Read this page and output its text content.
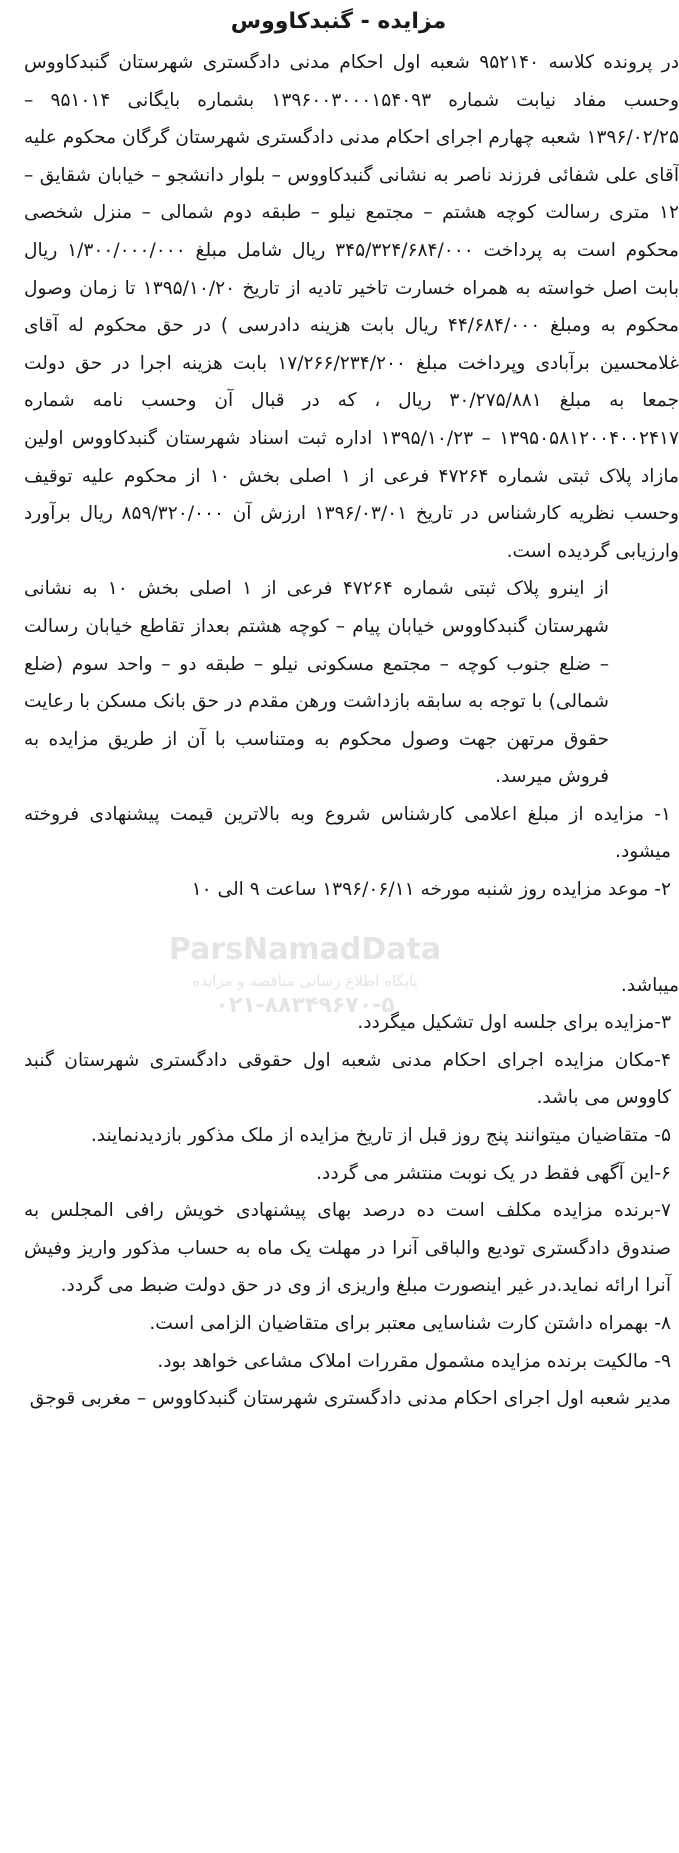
مزایده - گنبدکاووس

در پرونده کلاسه ۹۵۲۱۴۰ شعبه اول احکام مدنی دادگستری شهرستان گنبدکاووس وحسب مفاد نیابت شماره ۱۳۹۶۰۰۳۰۰۰۱۵۴۰۹۳ بشماره بایگانی ۹۵۱۰۱۴ – ۱۳۹۶/۰۲/۲۵ شعبه چهارم اجرای احکام مدنی دادگستری شهرستان گرگان محکوم علیه آقای علی شفائی فرزند ناصر به نشانی گنبدکاووس – بلوار دانشجو – خیابان شقایق – ۱۲ متری رسالت کوچه هشتم – مجتمع نیلو – طبقه دوم شمالی – منزل شخصی محکوم است به پرداخت ۳۴۵/۳۲۴/۶۸۴/۰۰۰ ریال شامل مبلغ ۱/۳۰۰/۰۰۰/۰۰۰ ریال بابت اصل خواسته به همراه خسارت تاخیر تادیه از تاریخ ۱۳۹۵/۱۰/۲۰ تا زمان وصول محکوم به ومبلغ ۴۴/۶۸۴/۰۰۰ ریال بابت هزینه دادرسی ) در حق محکوم له آقای غلامحسین برآبادی وپرداخت مبلغ ۱۷/۲۶۶/۲۳۴/۲۰۰ بابت هزینه اجرا در حق دولت جمعا به مبلغ ۳۰/۲۷۵/۸۸۱ ریال ، که در قبال آن وحسب نامه شماره ۱۳۹۵۰۵۸۱۲۰۰۴۰۰۲۴۱۷ – ۱۳۹۵/۱۰/۲۳ اداره ثبت اسناد شهرستان گنبدکاووس اولین مازاد پلاک ثبتی شماره ۴۷۲۶۴ فرعی از ۱ اصلی بخش ۱۰ از محکوم علیه توقیف وحسب نظریه کارشناس در تاریخ ۱۳۹۶/۰۳/۰۱ ارزش آن ۸۵۹/۳۲۰/۰۰۰ ریال برآورد وارزیابی گردیده است.

از اینرو پلاک ثبتی شماره ۴۷۲۶۴ فرعی از ۱ اصلی بخش ۱۰ به نشانی شهرستان گنبدکاووس خیابان پیام – کوچه هشتم بعداز تقاطع خیابان رسالت – ضلع جنوب کوچه – مجتمع مسکونی نیلو – طبقه دو – واحد سوم (ضلع شمالی) با توجه به سابقه بازداشت ورهن مقدم در حق بانک مسکن با رعایت حقوق مرتهن جهت وصول محکوم به ومتناسب با آن از طریق مزایده به فروش میرسد.

۱- مزایده از مبلغ اعلامی کارشناس شروع وبه بالاترین قیمت پیشنهادی فروخته میشود.

۲- موعد مزایده روز شنبه مورخه ۱۳۹۶/۰۶/۱۱ ساعت ۹ الی ۱۰

میباشد.

۳-مزایده برای جلسه اول تشکیل میگردد.

۴-مکان مزایده اجرای احکام مدنی شعبه اول حقوقی دادگستری شهرستان گنبد کاووس می باشد.

۵- متقاضیان میتوانند پنج روز قبل از تاریخ مزایده از ملک مذکور بازدیدنمایند.

۶-این آگهی فقط در یک نوبت منتشر می گردد.

۷-برنده مزایده مکلف است ده درصد بهای پیشنهادی خویش رافی المجلس به صندوق دادگستری تودیع والباقی آنرا در مهلت یک ماه به حساب مذکور واریز وفیش آنرا ارائه نماید.در غیر اینصورت مبلغ واریزی از وی در حق دولت ضبط می گردد.

۸- بهمراه داشتن کارت شناسایی معتبر برای متقاضیان الزامی است.

۹- مالکیت برنده مزایده مشمول مقررات املاک مشاعی خواهد بود.

مدیر شعبه اول اجرای احکام مدنی دادگستری شهرستان گنبدکاووس – مغربی قوجق

ParsNamadData
پایگاه اطلاع رسانی مناقصه و مزایده
۰۲۱-۸۸۳۴۹۶۷۰-۵
